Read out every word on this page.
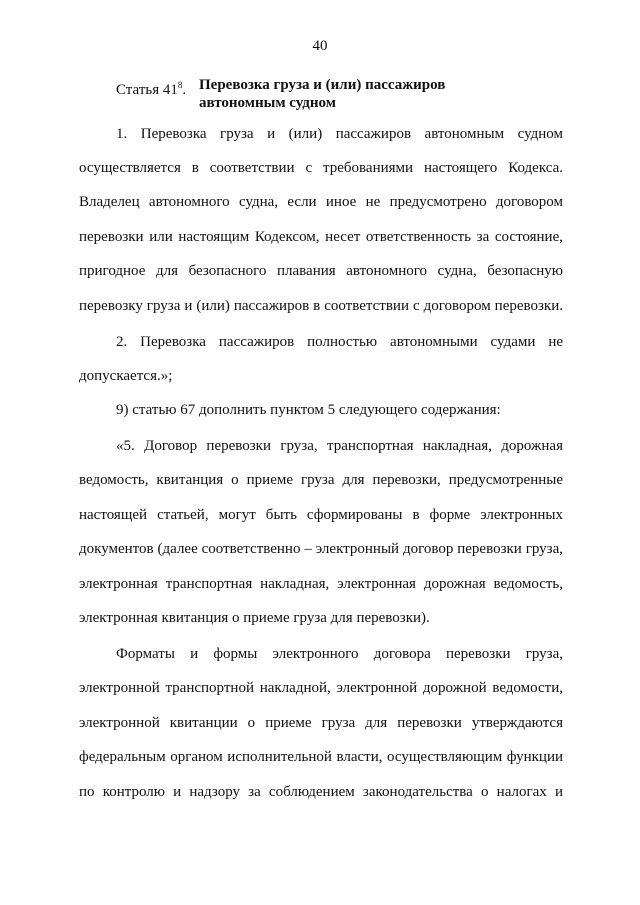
40
Статья $41^8$. Перевозка груза и (или) пассажиров
автономным судном
1. Перевозка груза и (или) пассажиров автономным судном
осуществляется в соответствии с требованиями настоящего Кодекса.
Владелец автономного судна, если иное не предусмотрено договором
перевозки или настоящим Кодексом, несет ответственность за состояние,
пригодное для безопасного плавания автономного судна, безопасную
перевозку груза и (или) пассажиров в соответствии с договором перевозки.
2. Перевозка пассажиров полностью автономными судами не
допускается.»;
9) статью 67 дополнить пунктом 5 следующего содержания:
«5. Договор перевозки груза, транспортная накладная, дорожная
ведомость, квитанция о приеме груза для перевозки, предусмотренные
настоящей статьей, могут быть сформированы в форме электронных
документов (далее соответственно – электронный договор перевозки груза,
электронная транспортная накладная, электронная дорожная ведомость,
электронная квитанция о приеме груза для перевозки).
Форматы и формы электронного договора перевозки груза,
электронной транспортной накладной, электронной дорожной ведомости,
электронной квитанции о приеме груза для перевозки утверждаются
федеральным органом исполнительной власти, осуществляющим функции
по контролю и надзору за соблюдением законодательства о налогах и
